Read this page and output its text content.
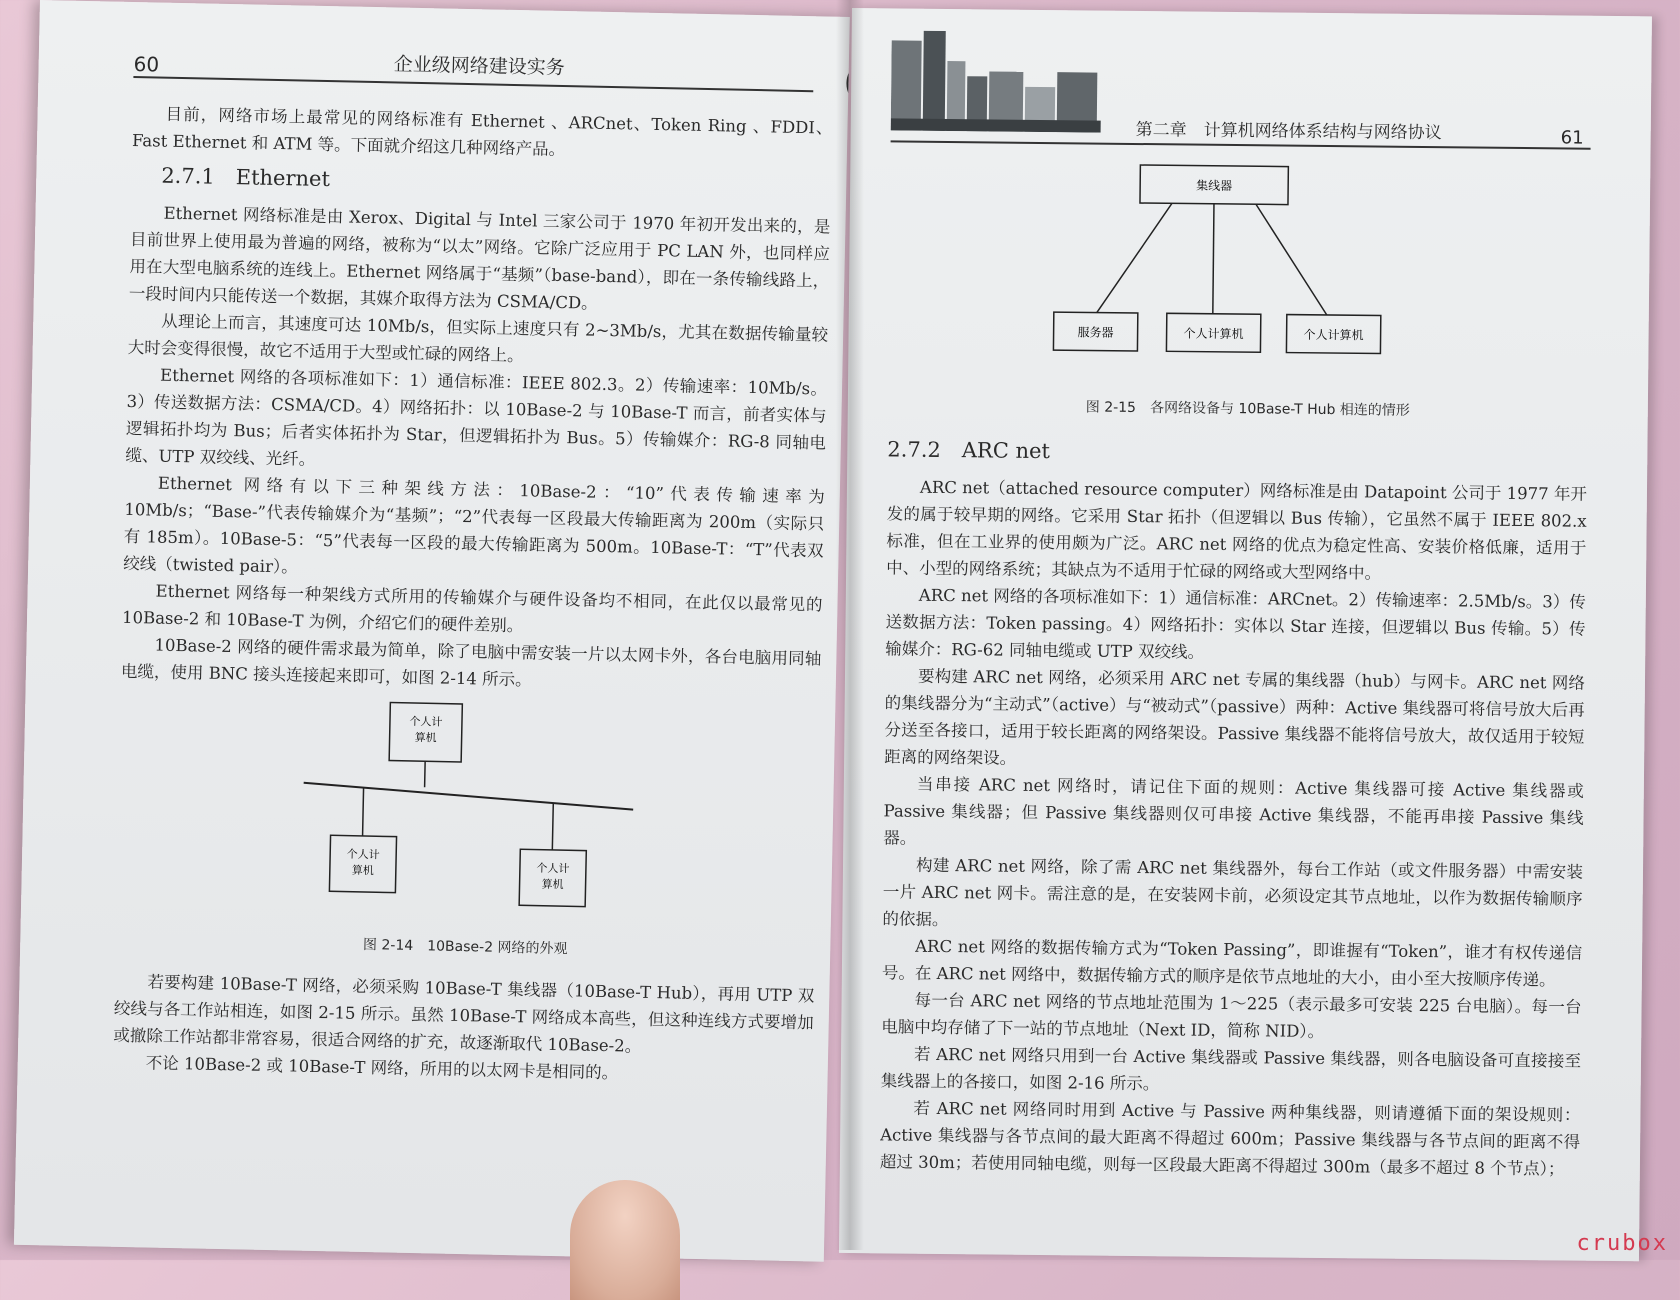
60	企业级网络建设实务

目前，网络市场上最常见的网络标准有 Ethernet 、ARCnet、Token Ring 、FDDI、Fast Ethernet 和 ATM 等。下面就介绍这几种网络产品。

2.7.1　Ethernet

Ethernet 网络标准是由 Xerox、Digital 与 Intel 三家公司于 1970 年初开发出来的，是目前世界上使用最为普遍的网络，被称为“以太”网络。它除广泛应用于 PC LAN 外，也同样应用在大型电脑系统的连线上。Ethernet 网络属于“基频”（base-band），即在一条传输线路上，一段时间内只能传送一个数据，其媒介取得方法为 CSMA/CD。

从理论上而言，其速度可达 10Mb/s，但实际上速度只有 2~3Mb/s，尤其在数据传输量较大时会变得很慢，故它不适用于大型或忙碌的网络上。

Ethernet 网络的各项标准如下：1）通信标准：IEEE 802.3。2）传输速率：10Mb/s。3）传送数据方法：CSMA/CD。4）网络拓扑：以 10Base-2 与 10Base-T 而言，前者实体与逻辑拓扑均为 Bus；后者实体拓扑为 Star，但逻辑拓扑为 Bus。5）传输媒介：RG-8 同轴电缆、UTP 双绞线、光纤。

Ethernet 网络有以下三种架线方法：10Base-2：“10”代表传输速率为 10Mb/s；“Base-”代表传输媒介为“基频”；“2”代表每一区段最大传输距离为 200m（实际只有 185m）。10Base-5：“5”代表每一区段的最大传输距离为 500m。10Base-T：“T”代表双绞线（twisted pair）。

Ethernet 网络每一种架线方式所用的传输媒介与硬件设备均不相同，在此仅以最常见的 10Base-2 和 10Base-T 为例，介绍它们的硬件差别。

10Base-2 网络的硬件需求最为简单，除了电脑中需安装一片以太网卡外，各台电脑用同轴电缆，使用 BNC 接头连接起来即可，如图 2-14 所示。

个人计
算机
个人计
算机	个人计
算机
图 2-14　10Base-2 网络的外观

若要构建 10Base-T 网络，必须采购 10Base-T 集线器（10Base-T Hub），再用 UTP 双绞线与各工作站相连，如图 2-15 所示。虽然 10Base-T 网络成本高些，但这种连线方式要增加或撤除工作站都非常容易，很适合网络的扩充，故逐渐取代 10Base-2。

不论 10Base-2 或 10Base-T 网络，所用的以太网卡是相同的。

第二章　计算机网络体系结构与网络协议	61
集线器
服务器	个人计算机	个人计算机
图 2-15　各网络设备与 10Base-T Hub 相连的情形
2.7.2　ARC net

ARC net（attached resource computer）网络标准是由 Datapoint 公司于 1977 年开发的属于较早期的网络。它采用 Star 拓扑（但逻辑以 Bus 传输），它虽然不属于 IEEE 802.x 标准，但在工业界的使用颇为广泛。ARC net 网络的优点为稳定性高、安装价格低廉，适用于中、小型的网络系统；其缺点为不适用于忙碌的网络或大型网络中。

ARC net 网络的各项标准如下：1）通信标准：ARCnet。2）传输速率：2.5Mb/s。3）传送数据方法：Token passing。4）网络拓扑：实体以 Star 连接，但逻辑以 Bus 传输。5）传输媒介：RG-62 同轴电缆或 UTP 双绞线。

要构建 ARC net 网络，必须采用 ARC net 专属的集线器（hub）与网卡。ARC net 网络的集线器分为“主动式”（active）与“被动式”（passive）两种：Active 集线器可将信号放大后再分送至各接口，适用于较长距离的网络架设。Passive 集线器不能将信号放大，故仅适用于较短距离的网络架设。

当串接 ARC net 网络时，请记住下面的规则：Active 集线器可接 Active 集线器或 Passive 集线器；但 Passive 集线器则仅可串接 Active 集线器，不能再串接 Passive 集线器。

构建 ARC net 网络，除了需 ARC net 集线器外，每台工作站（或文件服务器）中需安装一片 ARC net 网卡。需注意的是，在安装网卡前，必须设定其节点地址，以作为数据传输顺序的依据。

ARC net 网络的数据传输方式为“Token Passing”，即谁握有“Token”，谁才有权传递信号。在 ARC net 网络中，数据传输方式的顺序是依节点地址的大小，由小至大按顺序传递。

每一台 ARC net 网络的节点地址范围为 1～225（表示最多可安装 225 台电脑）。每一台电脑中均存储了下一站的节点地址（Next ID，简称 NID）。

若 ARC net 网络只用到一台 Active 集线器或 Passive 集线器，则各电脑设备可直接接至集线器上的各接口，如图 2-16 所示。

若 ARC net 网络同时用到 Active 与 Passive 两种集线器，则请遵循下面的架设规则：Active 集线器与各节点间的最大距离不得超过 600m；Passive 集线器与各节点间的距离不得超过 30m；若使用同轴电缆，则每一区段最大距离不得超过 300m（最多不超过 8 个节点）；

crubox
